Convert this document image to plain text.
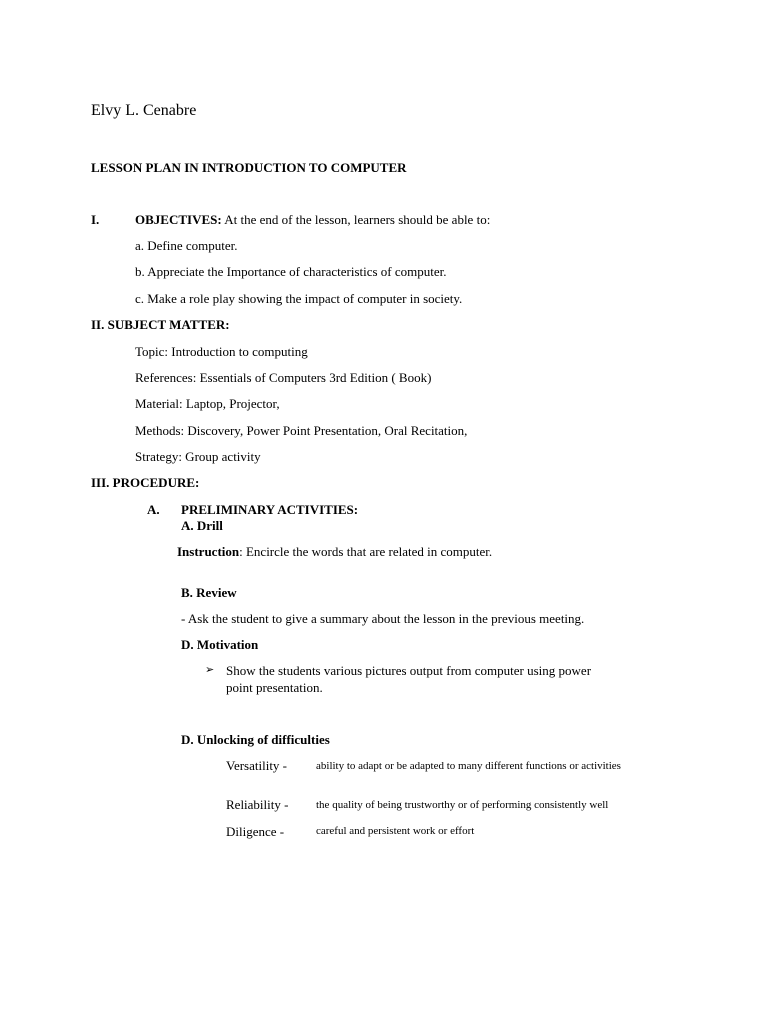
Elvy L. Cenabre
LESSON PLAN IN INTRODUCTION TO COMPUTER
I.	OBJECTIVES: At the end of the lesson, learners should be able to:
a. Define computer.
b. Appreciate the Importance of characteristics of computer.
c. Make a role play showing the impact of computer in society.
II. SUBJECT MATTER:
Topic: Introduction to computing
References: Essentials of Computers 3rd Edition ( Book)
Material: Laptop, Projector,
Methods: Discovery, Power Point Presentation, Oral Recitation,
Strategy: Group activity
III. PROCEDURE:
A. PRELIMINARY ACTIVITIES:
A. Drill
Instruction: Encircle the words that are related in computer.
B. Review
- Ask the student to give a summary about the lesson in the previous meeting.
D. Motivation
➢ Show the students various pictures output from computer using power
point presentation.
D. Unlocking of difficulties
Versatility -	ability to adapt or be adapted to many different functions or activities
Reliability -	the quality of being trustworthy or of performing consistently well
Diligence -	careful and persistent work or effort
